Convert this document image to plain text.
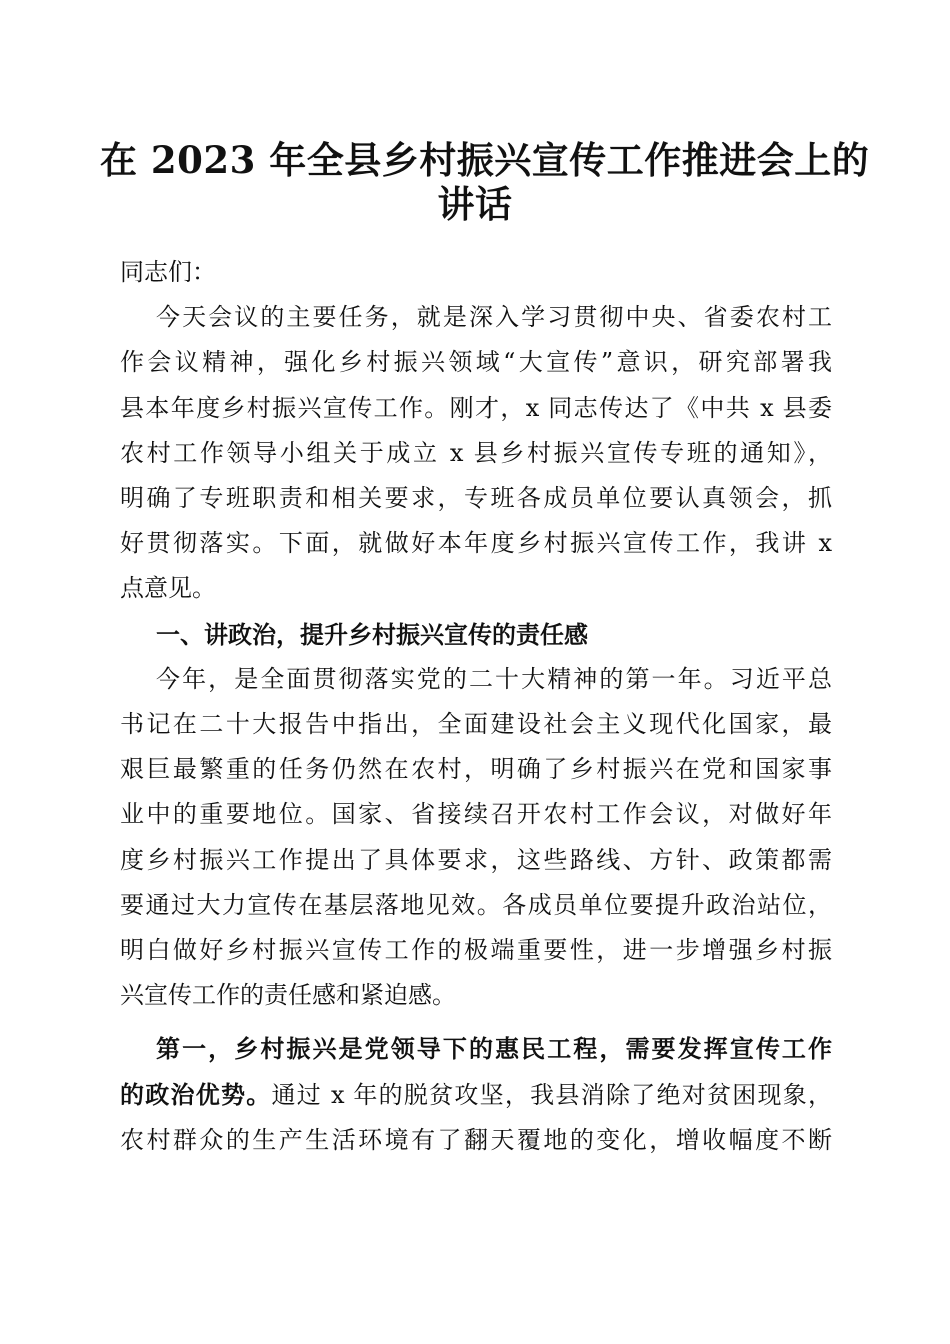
在 2023 年全县乡村振兴宣传工作推进会上的
讲话

同志们：

今天会议的主要任务，就是深入学习贯彻中央、省委农村工
作会议精神，强化乡村振兴领域“大宣传”意识，研究部署我
县本年度乡村振兴宣传工作。刚才，x 同志传达了《中共 x 县委
农村工作领导小组关于成立 x 县乡村振兴宣传专班的通知》，
明确了专班职责和相关要求，专班各成员单位要认真领会，抓
好贯彻落实。下面，就做好本年度乡村振兴宣传工作，我讲 x
点意见。

一、讲政治，提升乡村振兴宣传的责任感

今年，是全面贯彻落实党的二十大精神的第一年。习近平总
书记在二十大报告中指出，全面建设社会主义现代化国家，最
艰巨最繁重的任务仍然在农村，明确了乡村振兴在党和国家事
业中的重要地位。国家、省接续召开农村工作会议，对做好年
度乡村振兴工作提出了具体要求，这些路线、方针、政策都需
要通过大力宣传在基层落地见效。各成员单位要提升政治站位，
明白做好乡村振兴宣传工作的极端重要性，进一步增强乡村振
兴宣传工作的责任感和紧迫感。

第一，乡村振兴是党领导下的惠民工程，需要发挥宣传工作
的政治优势。通过 x 年的脱贫攻坚，我县消除了绝对贫困现象，
农村群众的生产生活环境有了翻天覆地的变化，增收幅度不断
